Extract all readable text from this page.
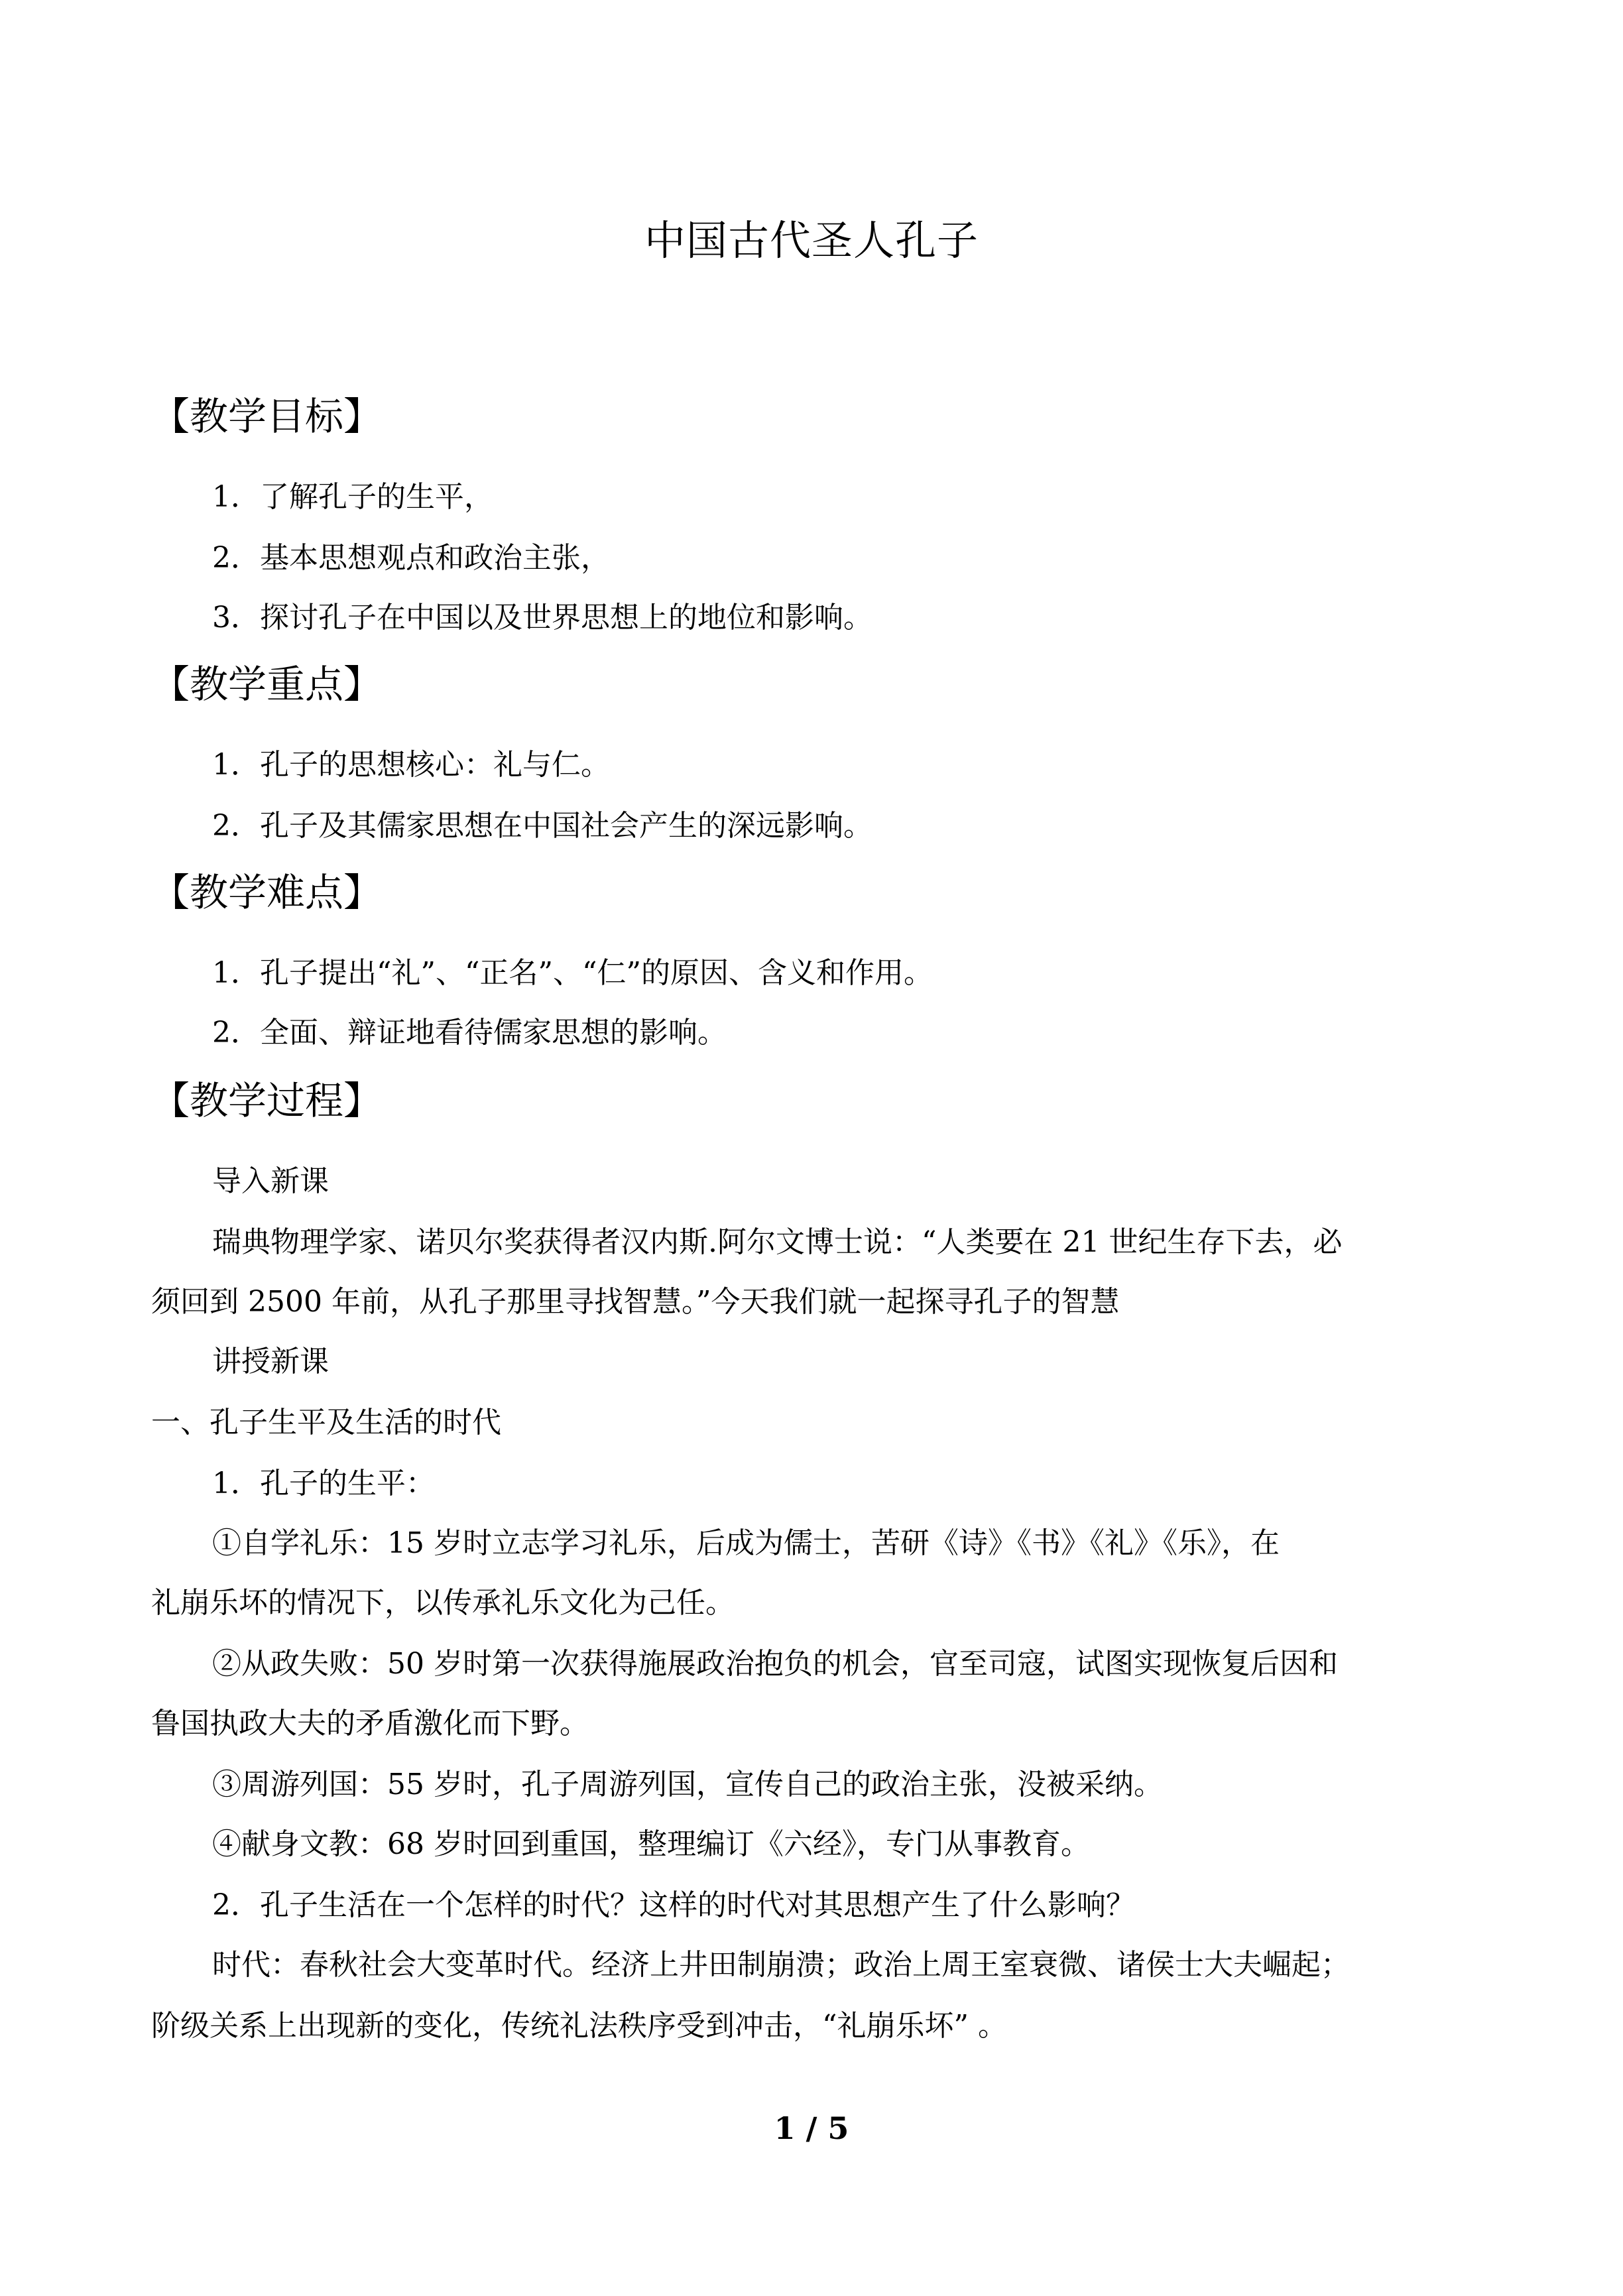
中国古代圣人孔子
【教学目标】
1．了解孔子的生平，
2．基本思想观点和政治主张，
3．探讨孔子在中国以及世界思想上的地位和影响。
【教学重点】
1．孔子的思想核心：礼与仁。
2．孔子及其儒家思想在中国社会产生的深远影响。
【教学难点】
1．孔子提出“礼”、“正名”、“仁”的原因、含义和作用。
2．全面、辩证地看待儒家思想的影响。
【教学过程】
导入新课
瑞典物理学家、诺贝尔奖获得者汉内斯.阿尔文博士说：“人类要在 21 世纪生存下去，必
须回到 2500 年前，从孔子那里寻找智慧。”今天我们就一起探寻孔子的智慧
讲授新课
一、孔子生平及生活的时代
1．孔子的生平：
①自学礼乐：15 岁时立志学习礼乐，后成为儒士，苦研《诗》《书》《礼》《乐》，在
礼崩乐坏的情况下，以传承礼乐文化为己任。
②从政失败：50 岁时第一次获得施展政治抱负的机会，官至司寇，试图实现恢复后因和
鲁国执政大夫的矛盾激化而下野。
③周游列国：55 岁时，孔子周游列国，宣传自己的政治主张，没被采纳。
④献身文教：68 岁时回到重国，整理编订《六经》，专门从事教育。
2．孔子生活在一个怎样的时代？这样的时代对其思想产生了什么影响？
时代：春秋社会大变革时代。经济上井田制崩溃；政治上周王室衰微、诸侯士大夫崛起；
阶级关系上出现新的变化，传统礼法秩序受到冲击，“礼崩乐坏” 。
1 / 5
